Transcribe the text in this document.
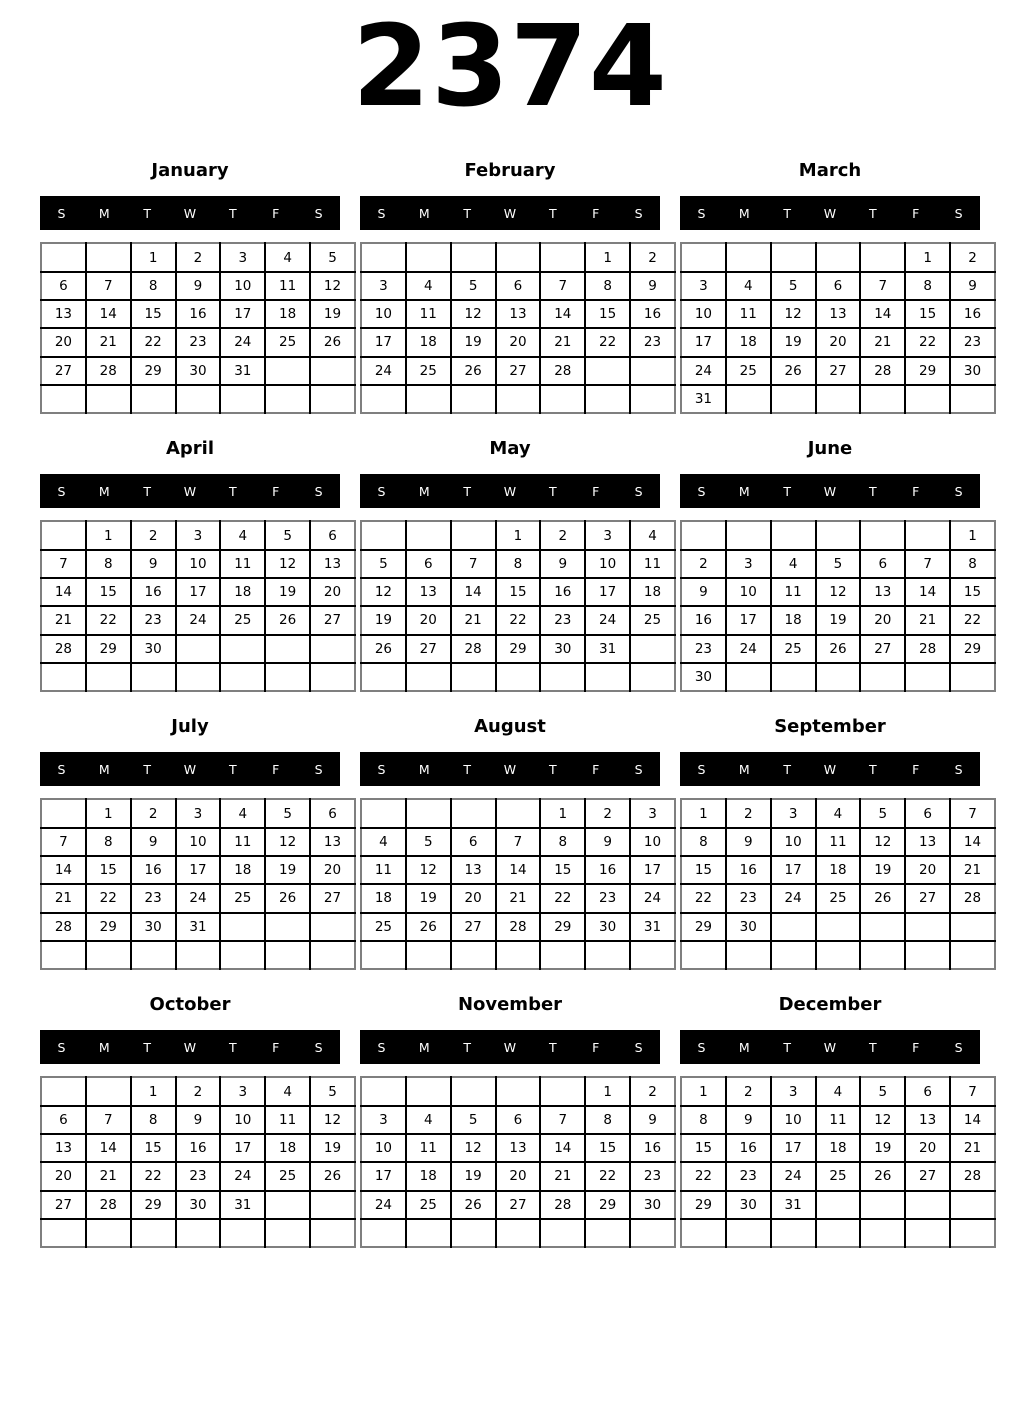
2374
January
S	M	T	W	T	F	S
		1	2	3	4	5
6	7	8	9	10	11	12
13	14	15	16	17	18	19
20	21	22	23	24	25	26
27	28	29	30	31		

February
S	M	T	W	T	F	S
					1	2
3	4	5	6	7	8	9
10	11	12	13	14	15	16
17	18	19	20	21	22	23
24	25	26	27	28		

March
S	M	T	W	T	F	S
					1	2
3	4	5	6	7	8	9
10	11	12	13	14	15	16
17	18	19	20	21	22	23
24	25	26	27	28	29	30
31						
April
S	M	T	W	T	F	S
	1	2	3	4	5	6
7	8	9	10	11	12	13
14	15	16	17	18	19	20
21	22	23	24	25	26	27
28	29	30				

May
S	M	T	W	T	F	S
			1	2	3	4
5	6	7	8	9	10	11
12	13	14	15	16	17	18
19	20	21	22	23	24	25
26	27	28	29	30	31	

June
S	M	T	W	T	F	S
						1
2	3	4	5	6	7	8
9	10	11	12	13	14	15
16	17	18	19	20	21	22
23	24	25	26	27	28	29
30						
July
S	M	T	W	T	F	S
	1	2	3	4	5	6
7	8	9	10	11	12	13
14	15	16	17	18	19	20
21	22	23	24	25	26	27
28	29	30	31			

August
S	M	T	W	T	F	S
				1	2	3
4	5	6	7	8	9	10
11	12	13	14	15	16	17
18	19	20	21	22	23	24
25	26	27	28	29	30	31

September
S	M	T	W	T	F	S
1	2	3	4	5	6	7
8	9	10	11	12	13	14
15	16	17	18	19	20	21
22	23	24	25	26	27	28
29	30					

October
S	M	T	W	T	F	S
		1	2	3	4	5
6	7	8	9	10	11	12
13	14	15	16	17	18	19
20	21	22	23	24	25	26
27	28	29	30	31		

November
S	M	T	W	T	F	S
					1	2
3	4	5	6	7	8	9
10	11	12	13	14	15	16
17	18	19	20	21	22	23
24	25	26	27	28	29	30

December
S	M	T	W	T	F	S
1	2	3	4	5	6	7
8	9	10	11	12	13	14
15	16	17	18	19	20	21
22	23	24	25	26	27	28
29	30	31				
